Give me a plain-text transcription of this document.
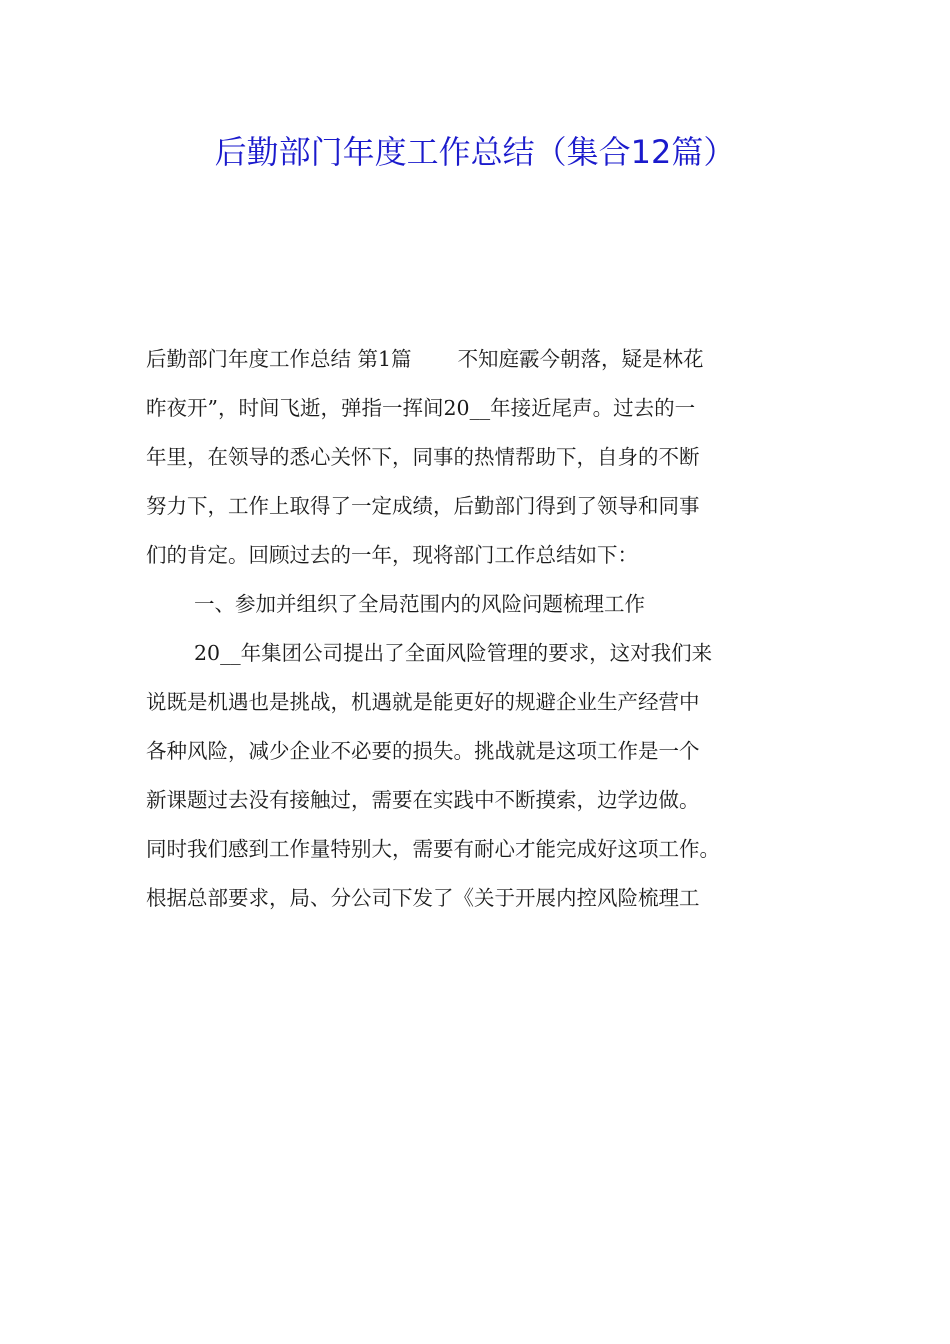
后勤部门年度工作总结（集合12篇）
后勤部门年度工作总结 第1篇 不知庭霰今朝落，疑是林花
昨夜开”，时间飞逝，弹指一挥间20__年接近尾声。过去的一
年里，在领导的悉心关怀下，同事的热情帮助下，自身的不断
努力下，工作上取得了一定成绩，后勤部门得到了领导和同事
们的肯定。回顾过去的一年，现将部门工作总结如下：
一、参加并组织了全局范围内的风险问题梳理工作
20__年集团公司提出了全面风险管理的要求，这对我们来
说既是机遇也是挑战，机遇就是能更好的规避企业生产经营中
各种风险，减少企业不必要的损失。挑战就是这项工作是一个
新课题过去没有接触过，需要在实践中不断摸索，边学边做。
同时我们感到工作量特别大，需要有耐心才能完成好这项工作。
根据总部要求，局、分公司下发了《关于开展内控风险梳理工
